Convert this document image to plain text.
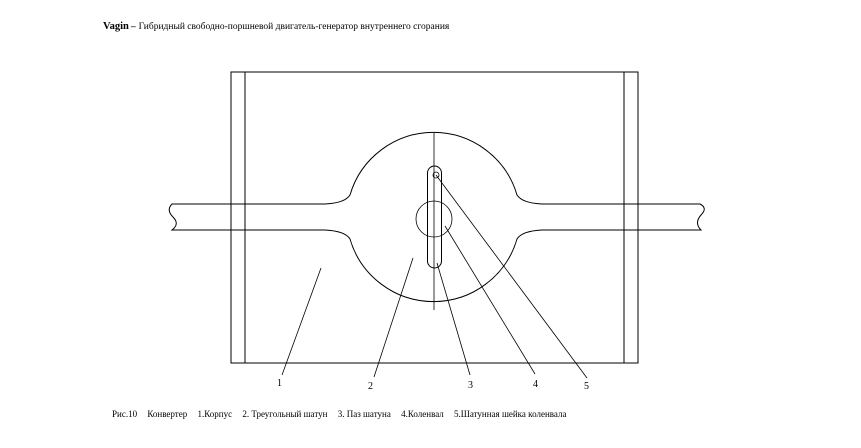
Vagin – Гибридный свободно-поршневой двигатель-генератор внутреннего сгорания
1	2	3	4	5
Рис.10 Конвертер 1.Корпус 2. Треугольный шатун 3. Паз шатуна 4.Коленвал 5.Шатунная шейка коленвала
